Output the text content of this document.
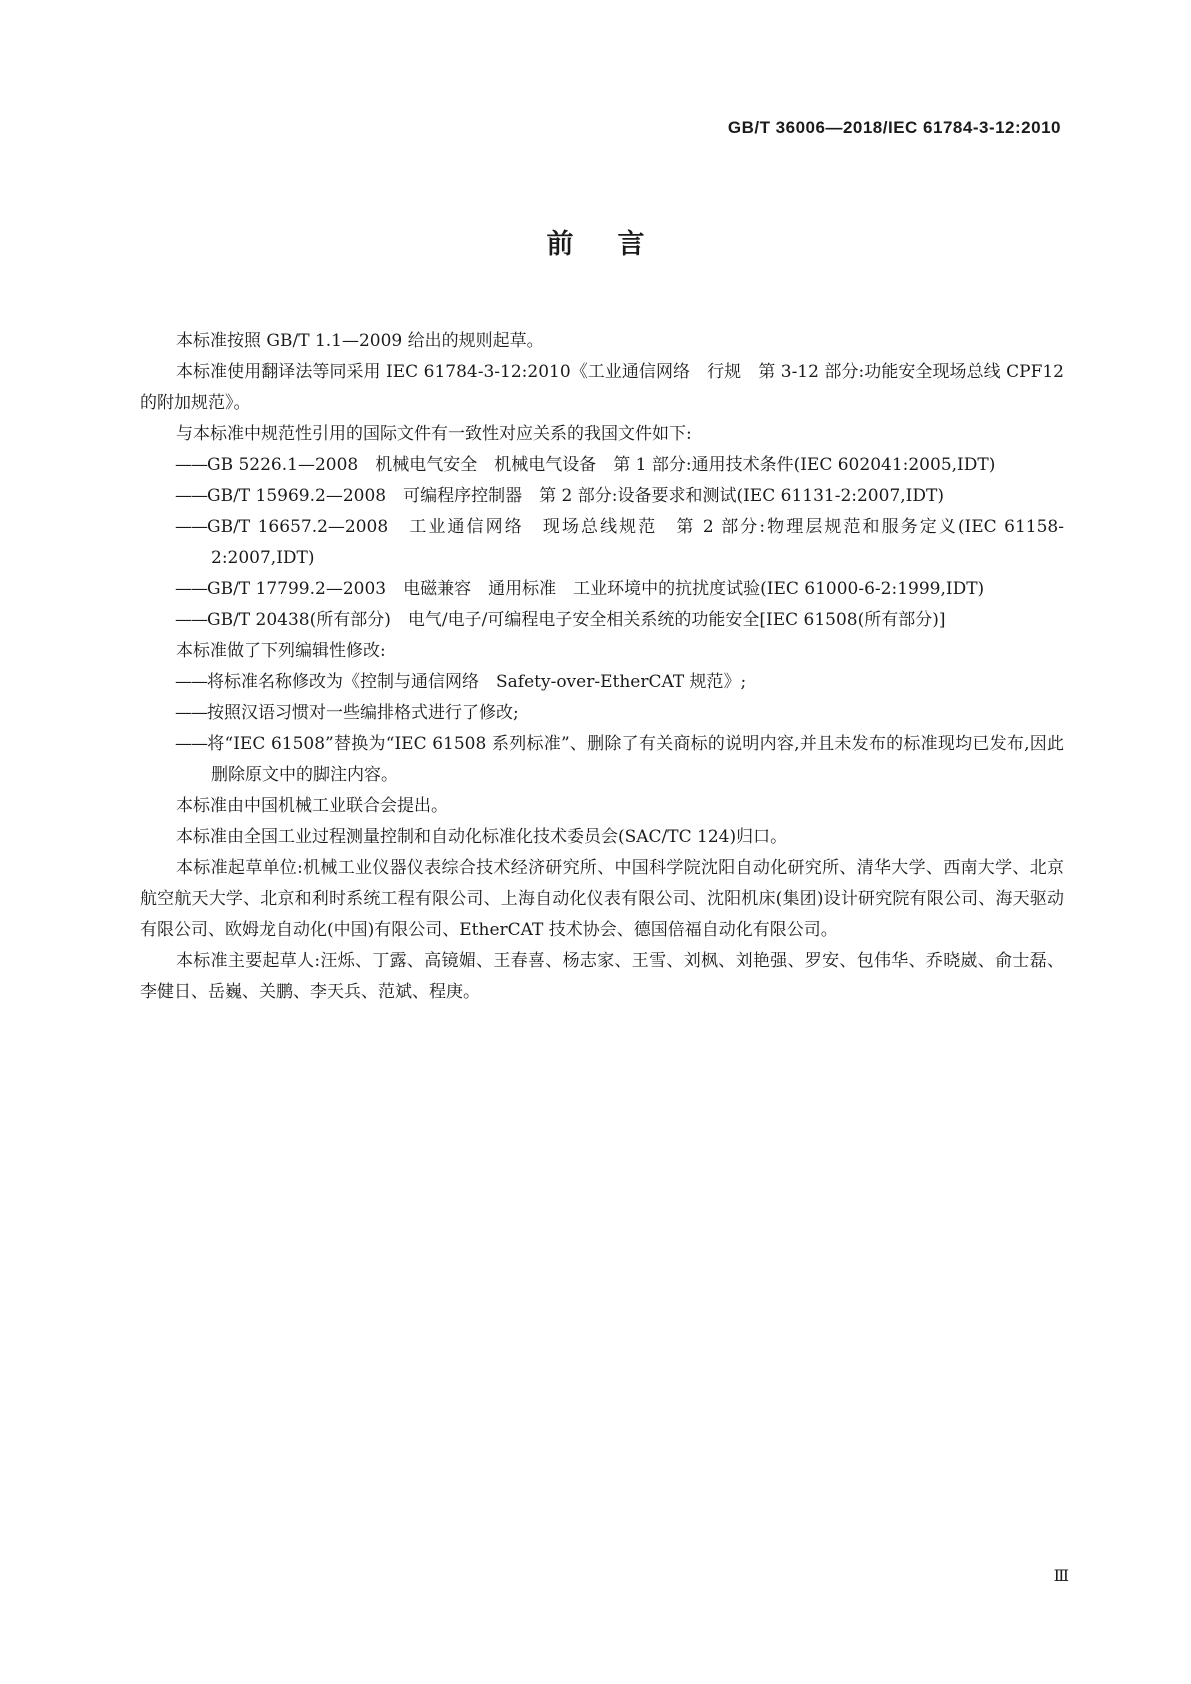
GB/T 36006—2018/IEC 61784-3-12:2010
前言

本标准按照 GB/T 1.1—2009 给出的规则起草。

本标准使用翻译法等同采用 IEC 61784-3-12:2010《工业通信网络　行规　第 3-12 部分:功能安全现场总线 CPF12 的附加规范》。

与本标准中规范性引用的国际文件有一致性对应关系的我国文件如下:

——GB 5226.1—2008　机械电气安全　机械电气设备　第 1 部分:通用技术条件(IEC 602041:2005,IDT)

——GB/T 15969.2—2008　可编程序控制器　第 2 部分:设备要求和测试(IEC 61131-2:2007,IDT)

——GB/T 16657.2—2008　工业通信网络　现场总线规范　第 2 部分:物理层规范和服务定义(IEC 61158-2:2007,IDT)

——GB/T 17799.2—2003　电磁兼容　通用标准　工业环境中的抗扰度试验(IEC 61000-6-2:1999,IDT)

——GB/T 20438(所有部分)　电气/电子/可编程电子安全相关系统的功能安全[IEC 61508(所有部分)]

本标准做了下列编辑性修改:

——将标准名称修改为《控制与通信网络　Safety-over-EtherCAT 规范》;

——按照汉语习惯对一些编排格式进行了修改;

——将“IEC 61508”替换为“IEC 61508 系列标准”、删除了有关商标的说明内容,并且未发布的标准现均已发布,因此删除原文中的脚注内容。

本标准由中国机械工业联合会提出。

本标准由全国工业过程测量控制和自动化标准化技术委员会(SAC/TC 124)归口。

本标准起草单位:机械工业仪器仪表综合技术经济研究所、中国科学院沈阳自动化研究所、清华大学、西南大学、北京航空航天大学、北京和利时系统工程有限公司、上海自动化仪表有限公司、沈阳机床(集团)设计研究院有限公司、海天驱动有限公司、欧姆龙自动化(中国)有限公司、EtherCAT 技术协会、德国倍福自动化有限公司。

本标准主要起草人:汪烁、丁露、高镜媚、王春喜、杨志家、王雪、刘枫、刘艳强、罗安、包伟华、乔晓崴、俞士磊、李健日、岳巍、关鹏、李天兵、范斌、程庚。

Ⅲ
